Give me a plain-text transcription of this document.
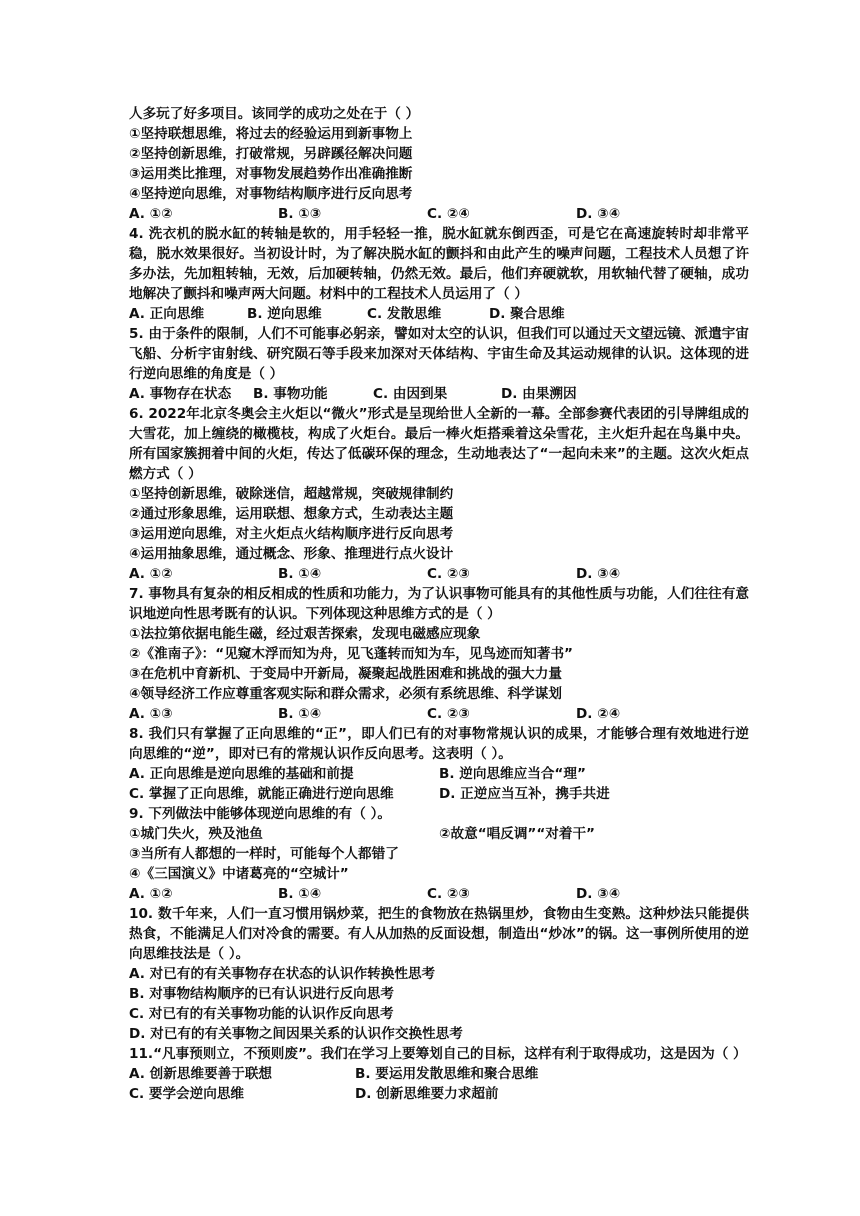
人多玩了好多项目。该同学的成功之处在于（ ）
①坚持联想思维，将过去的经验运用到新事物上
②坚持创新思维，打破常规，另辟蹊径解决问题
③运用类比推理，对事物发展趋势作出准确推断
④坚持逆向思维，对事物结构顺序进行反向思考
A. ①②	B. ①③	C. ②④	D. ③④
4. 洗衣机的脱水缸的转轴是软的，用手轻轻一推，脱水缸就东倒西歪，可是它在高速旋转时却非常平稳，脱水效果很好。当初设计时，为了解决脱水缸的颤抖和由此产生的噪声问题，工程技术人员想了许多办法，先加粗转轴，无效，后加硬转轴，仍然无效。最后，他们弃硬就软，用软轴代替了硬轴，成功地解决了颤抖和噪声两大问题。材料中的工程技术人员运用了（ ）
A. 正向思维	B. 逆向思维	C. 发散思维	D. 聚合思维
5. 由于条件的限制，人们不可能事必躬亲，譬如对太空的认识，但我们可以通过天文望远镜、派遣宇宙飞船、分析宇宙射线、研究陨石等手段来加深对天体结构、宇宙生命及其运动规律的认识。这体现的进行逆向思维的角度是（ ）
A. 事物存在状态	B. 事物功能	C. 由因到果	D. 由果溯因
6. 2022年北京冬奥会主火炬以“微火”形式是呈现给世人全新的一幕。全部参赛代表团的引导牌组成的大雪花，加上缠绕的橄榄枝，构成了火炬台。最后一棒火炬搭乘着这朵雪花，主火炬升起在鸟巢中央。所有国家簇拥着中间的火炬，传达了低碳环保的理念，生动地表达了“一起向未来”的主题。这次火炬点燃方式（ ）
①坚持创新思维，破除迷信，超越常规，突破规律制约
②通过形象思维，运用联想、想象方式，生动表达主题
③运用逆向思维，对主火炬点火结构顺序进行反向思考
④运用抽象思维，通过概念、形象、推理进行点火设计
A. ①②	B. ①④	C. ②③	D. ③④
7. 事物具有复杂的相反相成的性质和功能力，为了认识事物可能具有的其他性质与功能，人们往往有意识地逆向性思考既有的认识。下列体现这种思维方式的是（ ）
①法拉第依据电能生磁，经过艰苦探索，发现电磁感应现象
②《淮南子》：“见窥木浮而知为舟，见飞蓬转而知为车，见鸟迹而知著书”
③在危机中育新机、于变局中开新局，凝聚起战胜困难和挑战的强大力量
④领导经济工作应尊重客观实际和群众需求，必须有系统思维、科学谋划
A. ①③	B. ①④	C. ②③	D. ②④
8. 我们只有掌握了正向思维的“正”，即人们已有的对事物常规认识的成果，才能够合理有效地进行逆向思维的“逆”，即对已有的常规认识作反向思考。这表明（ ）。
A. 正向思维是逆向思维的基础和前提	B. 逆向思维应当合“理”
C. 掌握了正向思维，就能正确进行逆向思维	D. 正逆应当互补，携手共进
9. 下列做法中能够体现逆向思维的有（ ）。
①城门失火，殃及池鱼	②故意“唱反调”“对着干”
③当所有人都想的一样时，可能每个人都错了
④《三国演义》中诸葛亮的“空城计”
A. ①②	B. ①④	C. ②③	D. ③④
10. 数千年来，人们一直习惯用锅炒菜，把生的食物放在热锅里炒，食物由生变熟。这种炒法只能提供热食，不能满足人们对冷食的需要。有人从加热的反面设想，制造出“炒冰”的锅。这一事例所使用的逆向思维技法是（ ）。
A. 对已有的有关事物存在状态的认识作转换性思考
B. 对事物结构顺序的已有认识进行反向思考
C. 对已有的有关事物功能的认识作反向思考
D. 对已有的有关事物之间因果关系的认识作交换性思考
11.“凡事预则立，不预则废”。我们在学习上要筹划自己的目标，这样有利于取得成功，这是因为（ ）
A. 创新思维要善于联想	B. 要运用发散思维和聚合思维
C. 要学会逆向思维	D. 创新思维要力求超前
